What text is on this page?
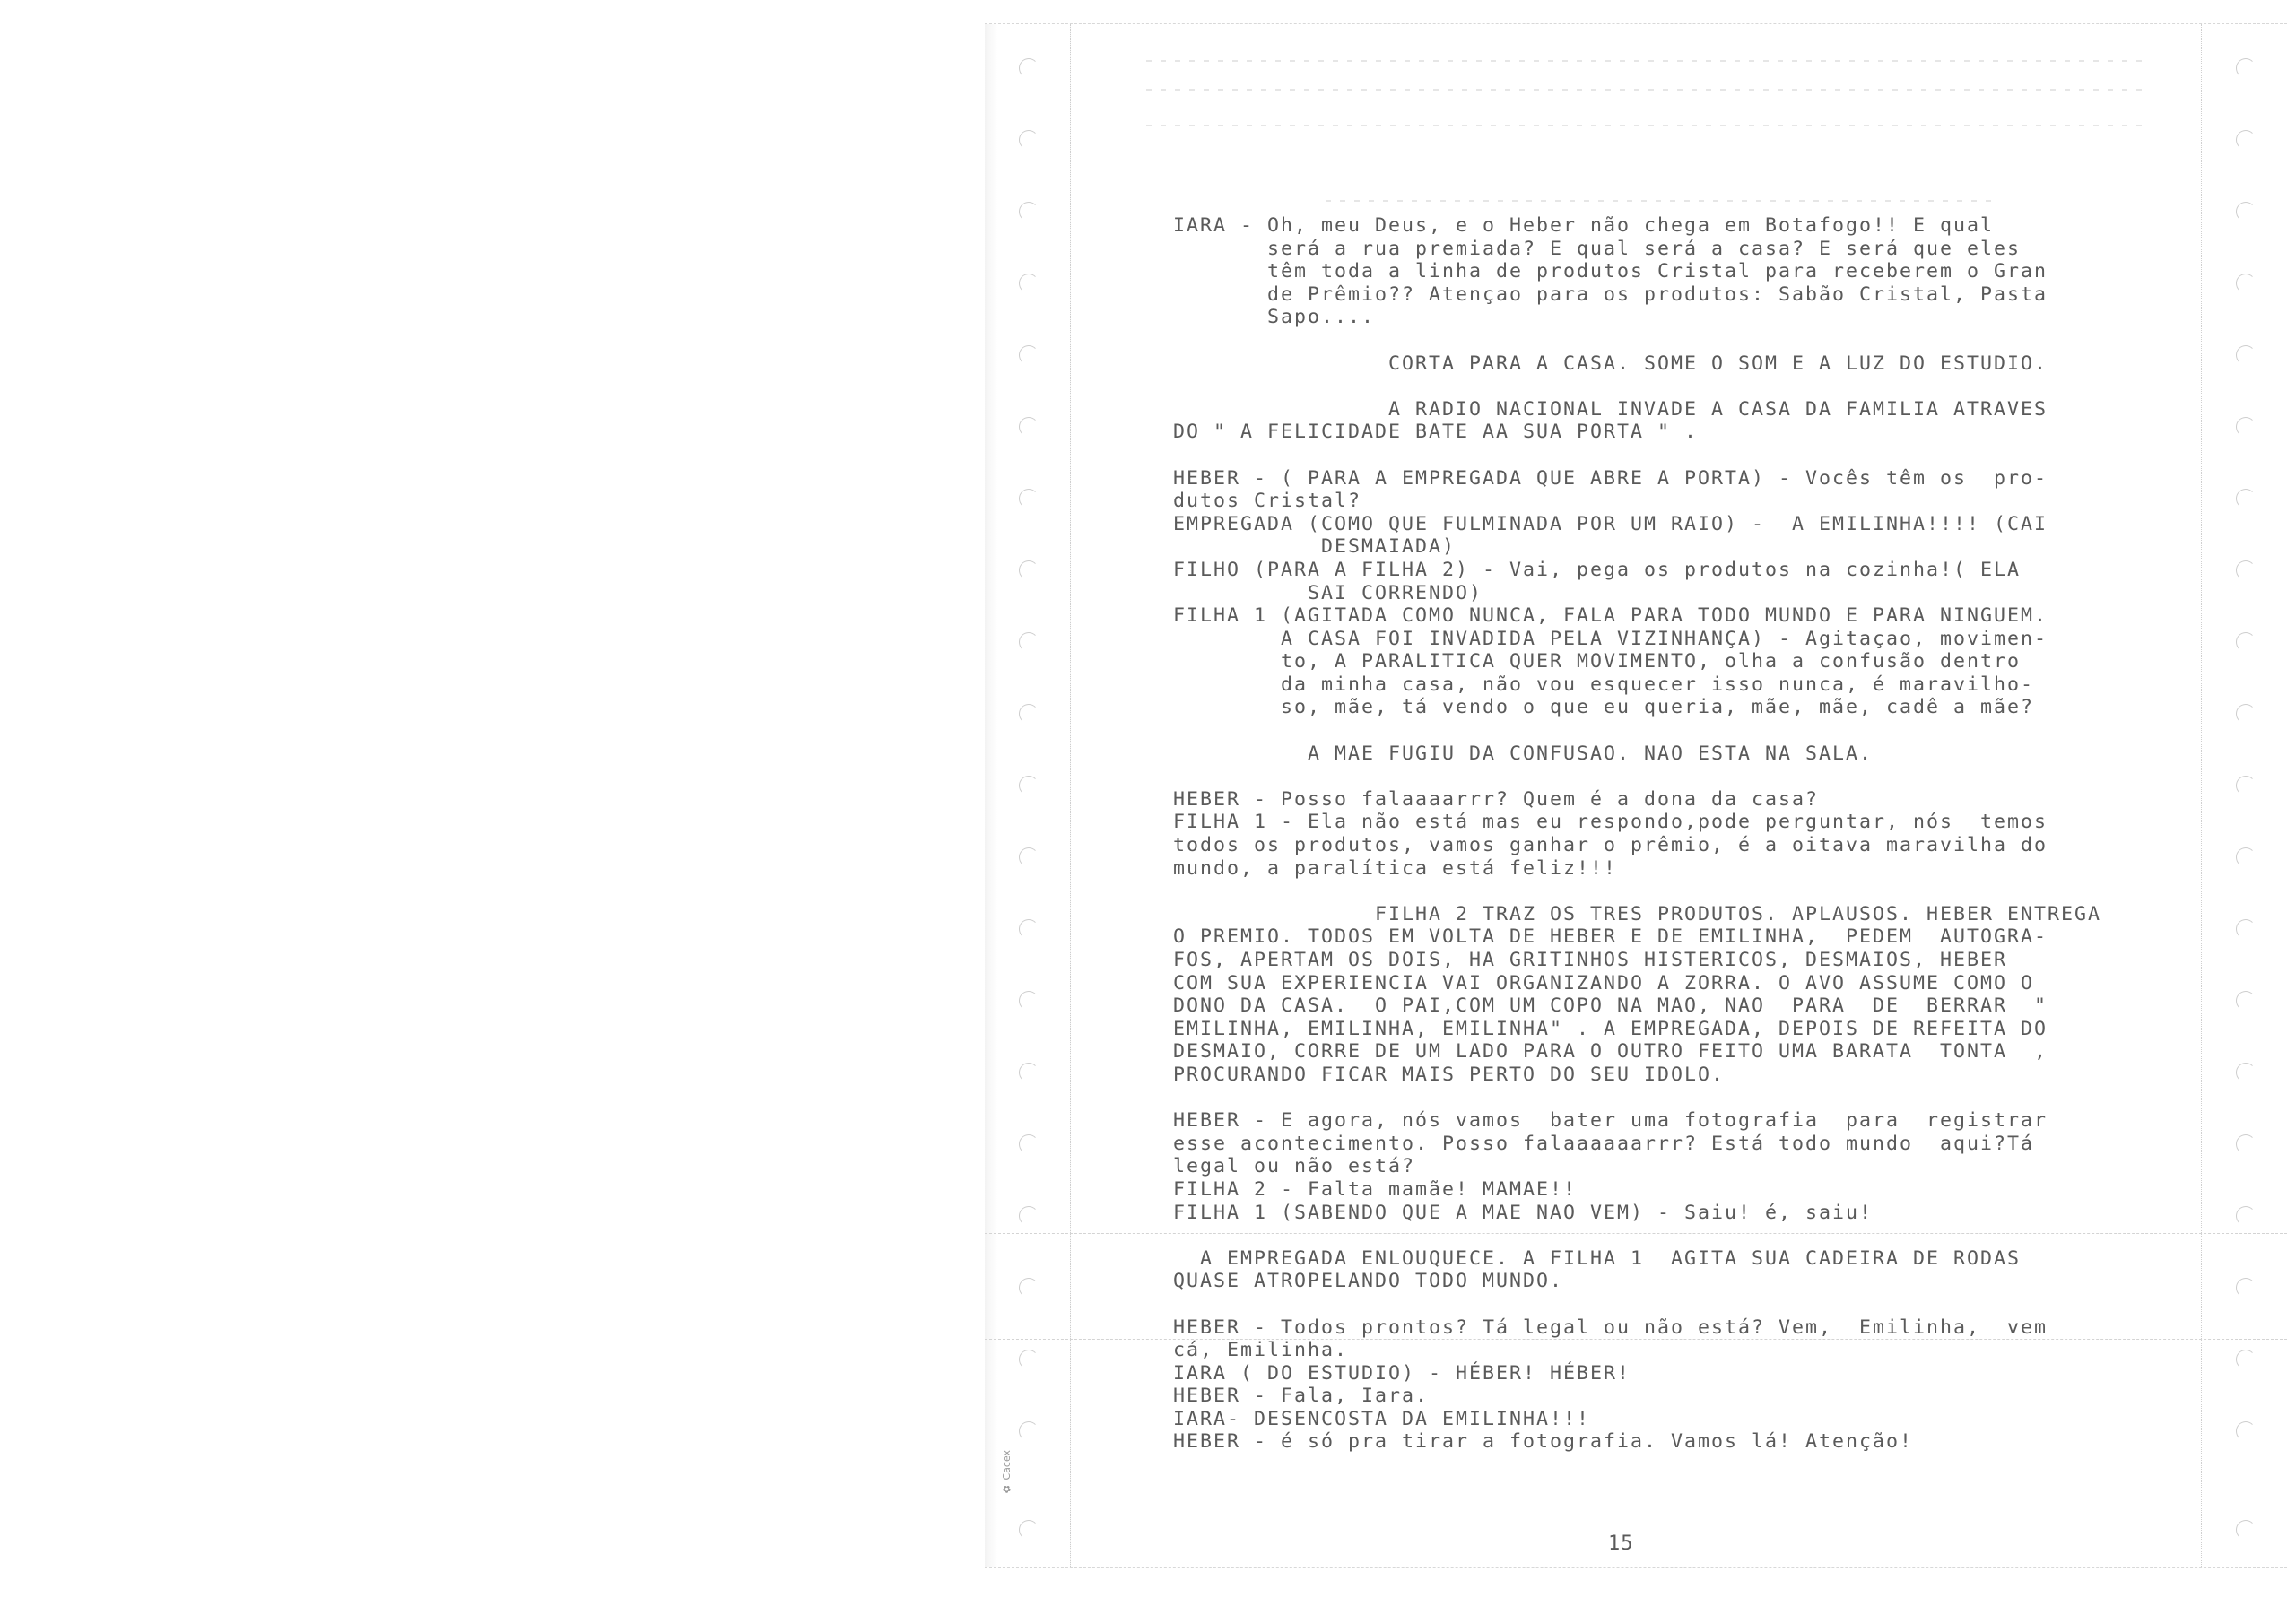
✿ Cacex
IARA - Oh, meu Deus, e o Heber não chega em Botafogo!! E qual
será a rua premiada? E qual será a casa? E será que eles
têm toda a linha de produtos Cristal para receberem o Gran
de Prêmio?? Atençao para os produtos: Sabão Cristal, Pasta
Sapo....
CORTA PARA A CASA. SOME O SOM E A LUZ DO ESTUDIO.
A RADIO NACIONAL INVADE A CASA DA FAMILIA ATRAVES
DO " A FELICIDADE BATE AA SUA PORTA " .
HEBER - ( PARA A EMPREGADA QUE ABRE A PORTA) - Vocês têm os  pro-
dutos Cristal?
EMPREGADA (COMO QUE FULMINADA POR UM RAIO) -  A EMILINHA!!!! (CAI
DESMAIADA)
FILHO (PARA A FILHA 2) - Vai, pega os produtos na cozinha!( ELA
SAI CORRENDO)
FILHA 1 (AGITADA COMO NUNCA, FALA PARA TODO MUNDO E PARA NINGUEM.
A CASA FOI INVADIDA PELA VIZINHANÇA) - Agitaçao, movimen-
to, A PARALITICA QUER MOVIMENTO, olha a confusão dentro
da minha casa, não vou esquecer isso nunca, é maravilho-
so, mãe, tá vendo o que eu queria, mãe, mãe, cadê a mãe?
A MAE FUGIU DA CONFUSAO. NAO ESTA NA SALA.
HEBER - Posso falaaaarrr? Quem é a dona da casa?
FILHA 1 - Ela não está mas eu respondo,pode perguntar, nós  temos
todos os produtos, vamos ganhar o prêmio, é a oitava maravilha do
mundo, a paralítica está feliz!!!
FILHA 2 TRAZ OS TRES PRODUTOS. APLAUSOS. HEBER ENTREGA
O PREMIO. TODOS EM VOLTA DE HEBER E DE EMILINHA,  PEDEM  AUTOGRA-
FOS, APERTAM OS DOIS, HA GRITINHOS HISTERICOS, DESMAIOS, HEBER
COM SUA EXPERIENCIA VAI ORGANIZANDO A ZORRA. O AVO ASSUME COMO O
DONO DA CASA.  O PAI,COM UM COPO NA MAO, NAO  PARA  DE  BERRAR  "
EMILINHA, EMILINHA, EMILINHA" . A EMPREGADA, DEPOIS DE REFEITA DO
DESMAIO, CORRE DE UM LADO PARA O OUTRO FEITO UMA BARATA  TONTA  ,
PROCURANDO FICAR MAIS PERTO DO SEU IDOLO.
HEBER - E agora, nós vamos  bater uma fotografia  para  registrar
esse acontecimento. Posso falaaaaaarrr? Está todo mundo  aqui?Tá
legal ou não está?
FILHA 2 - Falta mamãe! MAMAE!!
FILHA 1 (SABENDO QUE A MAE NAO VEM) - Saiu! é, saiu!
A EMPREGADA ENLOUQUECE. A FILHA 1  AGITA SUA CADEIRA DE RODAS
QUASE ATROPELANDO TODO MUNDO.
HEBER - Todos prontos? Tá legal ou não está? Vem,  Emilinha,  vem
cá, Emilinha.
IARA ( DO ESTUDIO) - HÉBER! HÉBER!
HEBER - Fala, Iara.
IARA- DESENCOSTA DA EMILINHA!!!
HEBER - é só pra tirar a fotografia. Vamos lá! Atenção!
15
